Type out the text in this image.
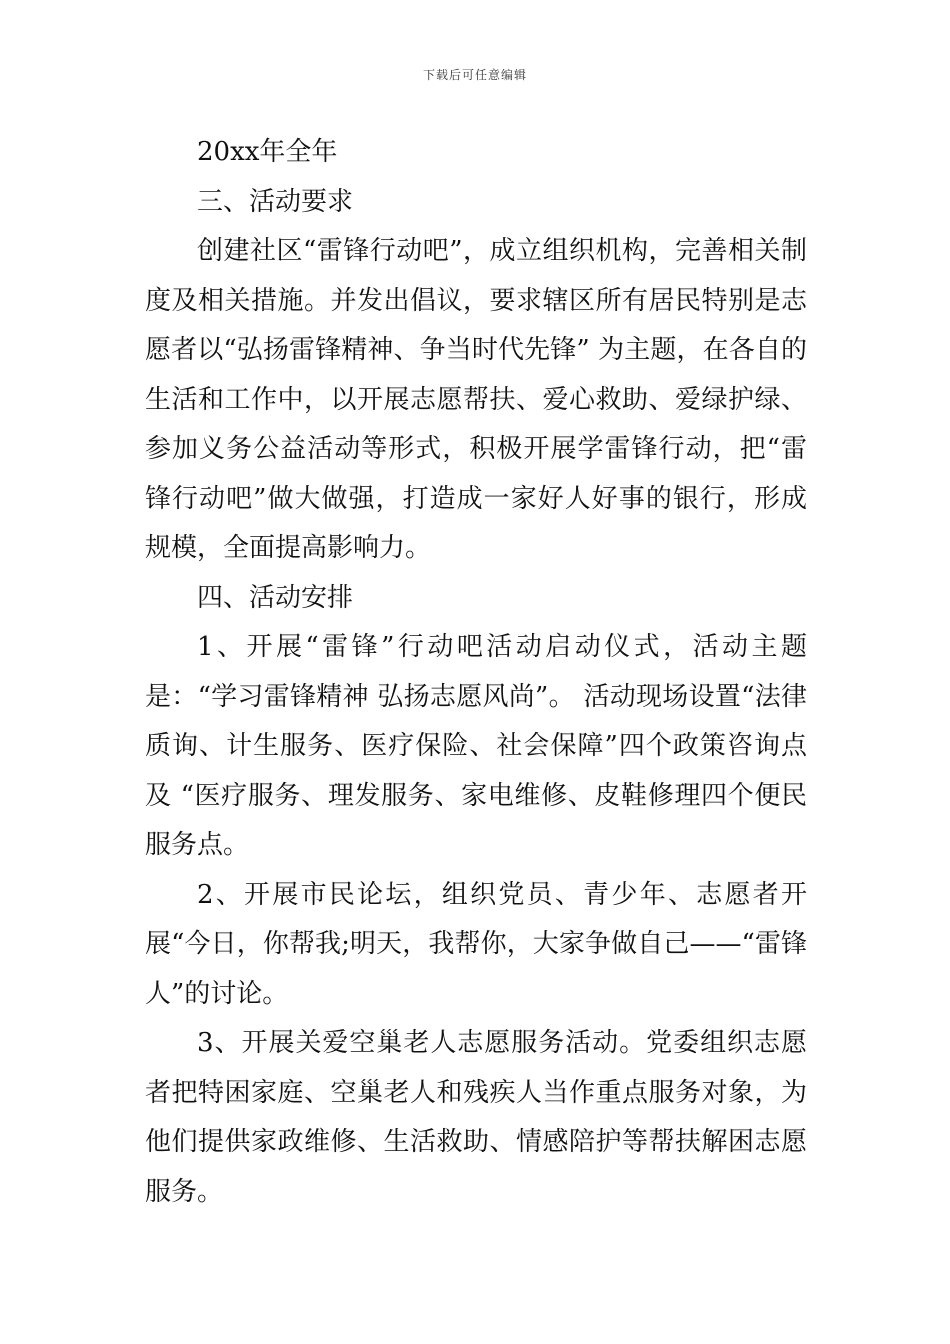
下载后可任意编辑

20xx年全年

三、活动要求

创建社区“雷锋行动吧”，成立组织机构，完善相关制度及相关措施。并发出倡议，要求辖区所有居民特别是志愿者以“弘扬雷锋精神、争当时代先锋” 为主题，在各自的生活和工作中，以开展志愿帮扶、爱心救助、爱绿护绿、参加义务公益活动等形式，积极开展学雷锋行动，把“雷锋行动吧”做大做强，打造成一家好人好事的银行，形成规模，全面提高影响力。

四、活动安排

1、开展“雷锋”行动吧活动启动仪式，活动主题是：“学习雷锋精神 弘扬志愿风尚”。 活动现场设置“法律质询、计生服务、医疗保险、社会保障”四个政策咨询点及 “医疗服务、理发服务、家电维修、皮鞋修理四个便民服务点。

2、开展市民论坛，组织党员、青少年、志愿者开展“今日，你帮我;明天，我帮你，大家争做自己——“雷锋人”的讨论。

3、开展关爱空巢老人志愿服务活动。党委组织志愿者把特困家庭、空巢老人和残疾人当作重点服务对象，为他们提供家政维修、生活救助、情感陪护等帮扶解困志愿服务。
